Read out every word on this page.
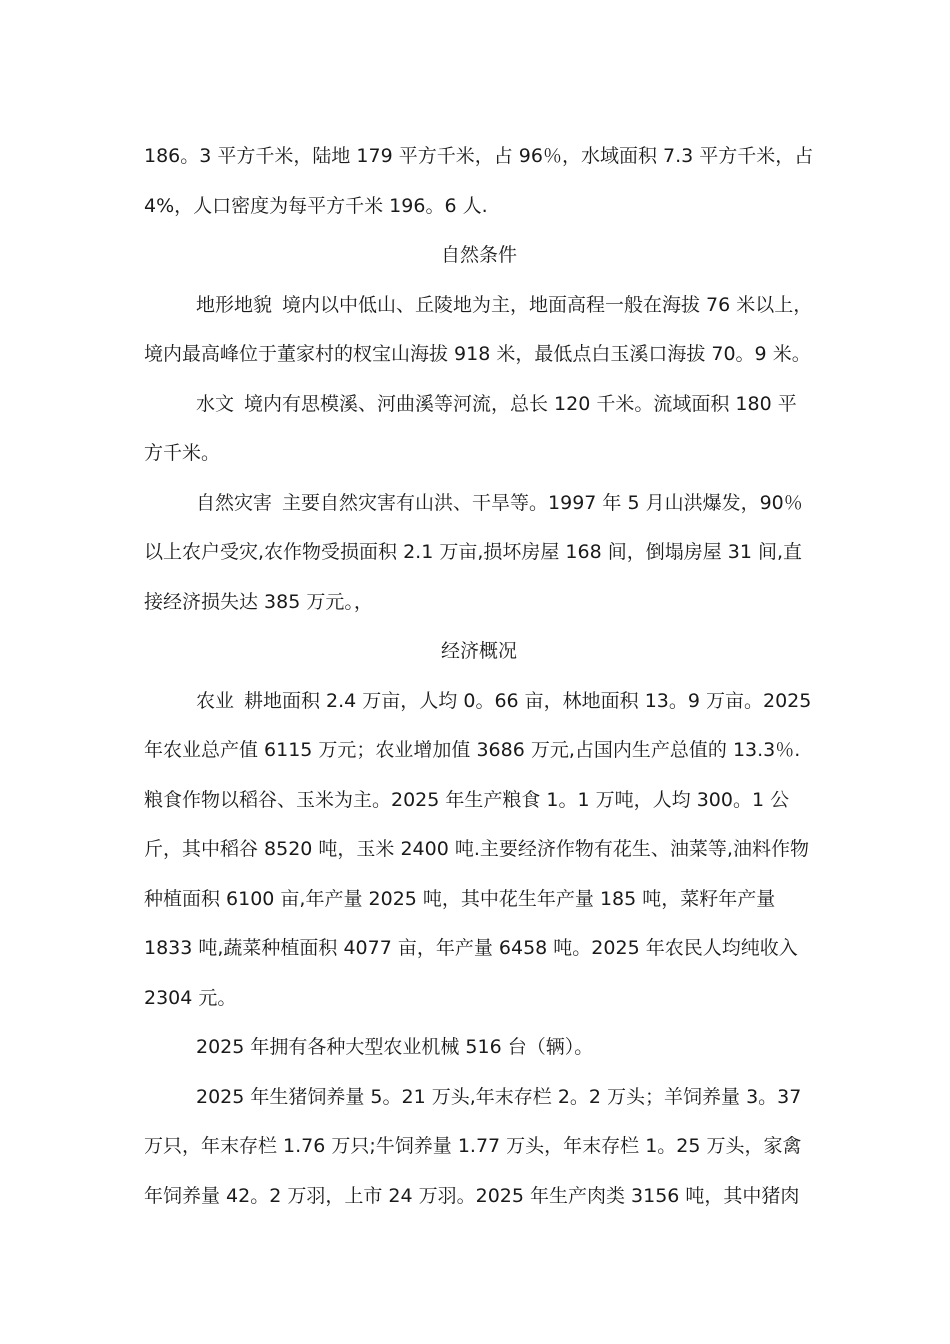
186。3 平方千米，陆地 179 平方千米，占 96％，水域面积 7.3 平方千米，占 4%，人口密度为每平方千米 196。6 人.

自然条件

地形地貌 境内以中低山、丘陵地为主，地面高程一般在海拔 76 米以上，境内最高峰位于董家村的杈宝山海拔 918 米，最低点白玉溪口海拔 70。9 米。

水文 境内有思模溪、河曲溪等河流，总长 120 千米。流域面积 180 平方千米。

自然灾害 主要自然灾害有山洪、干旱等。1997 年 5 月山洪爆发，90％以上农户受灾,农作物受损面积 2.1 万亩,损坏房屋 168 间，倒塌房屋 31 间,直接经济损失达 385 万元。，

经济概况

农业 耕地面积 2.4 万亩，人均 0。66 亩，林地面积 13。9 万亩。2025 年农业总产值 6115 万元；农业增加值 3686 万元,占国内生产总值的 13.3％.粮食作物以稻谷、玉米为主。2025 年生产粮食 1。1 万吨，人均 300。1 公斤，其中稻谷 8520 吨，玉米 2400 吨.主要经济作物有花生、油菜等,油料作物种植面积 6100 亩,年产量 2025 吨，其中花生年产量 185 吨，菜籽年产量 1833 吨,蔬菜种植面积 4077 亩，年产量 6458 吨。2025 年农民人均纯收入 2304 元。

2025 年拥有各种大型农业机械 516 台（辆）。

2025 年生猪饲养量 5。21 万头,年末存栏 2。2 万头；羊饲养量 3。37 万只，年末存栏 1.76 万只;牛饲养量 1.77 万头，年末存栏 1。25 万头，家禽年饲养量 42。2 万羽，上市 24 万羽。2025 年生产肉类 3156 吨，其中猪肉
